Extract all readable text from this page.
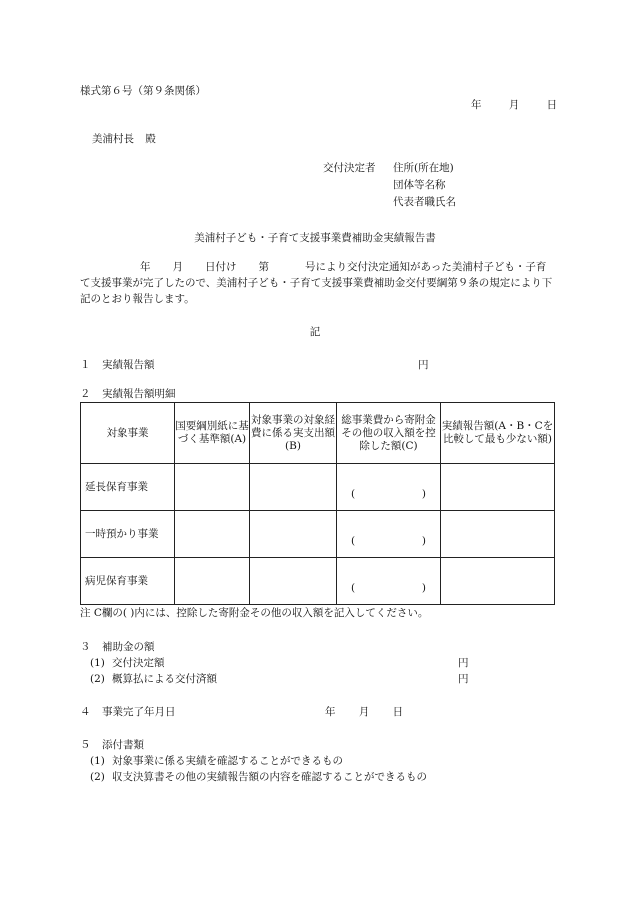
様式第６号（第９条関係）
年 月 日
美浦村長 殿
交付決定者	住所(所在地)
団体等名称
代表者職氏名
美浦村子ども・子育て支援事業費補助金実績報告書
年 月 日付け 第	号により交付決定通知があった美浦村子ども・子育て支援事業が完了したので、美浦村子ども・子育て支援事業費補助金交付要綱第９条の規定により下記のとおり報告します。
記
１ 実績報告額	円
２ 実績報告額明細
対象事業	国要綱別紙に基づく基準額(A)	対象事業の対象経費に係る実支出額(B)	総事業費から寄附金その他の収入額を控除した額(C)	実績報告額(A・B・Cを比較して最も少ない額)
延長保育事業			( )	

一時預かり事業			( )	

病児保育事業			( )	

注 C欄の( )内には、控除した寄附金その他の収入額を記入してください。
３ 補助金の額
(1) 交付決定額	円
(2) 概算払による交付済額	円
４ 事業完了年月日	年 月 日
５ 添付書類
(1) 対象事業に係る実績を確認することができるもの
(2) 収支決算書その他の実績報告額の内容を確認することができるもの
